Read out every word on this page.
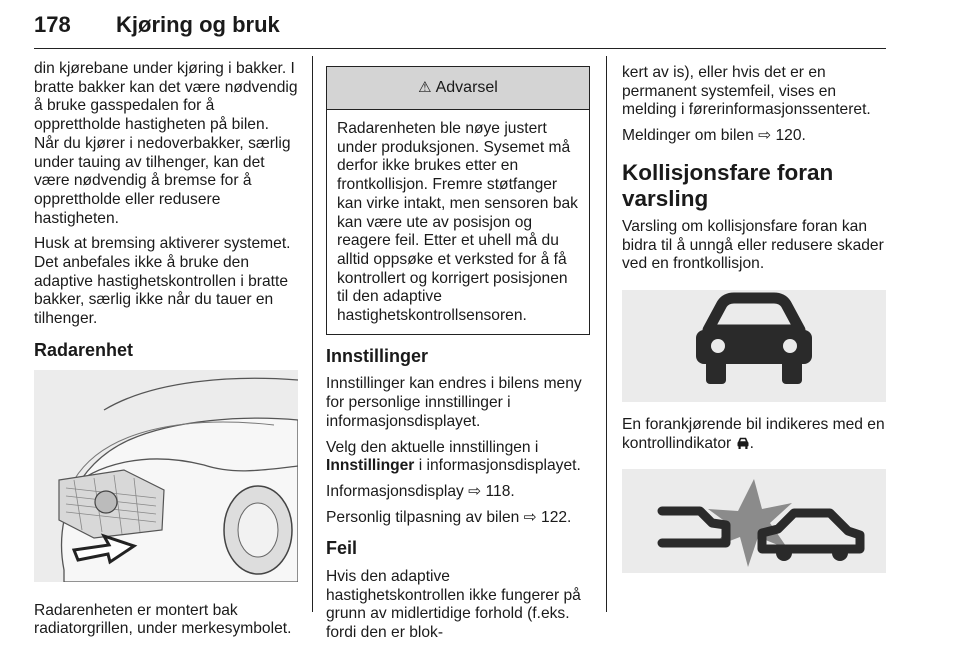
178 Kjøring og bruk

din kjørebane under kjøring i bakker. I bratte bakker kan det være nødvendig å bruke gasspedalen for å opprettholde hastigheten på bilen. Når du kjører i nedoverbakker, særlig under tauing av tilhenger, kan det være nødvendig å bremse for å opprettholde eller redusere hastigheten.

Husk at bremsing aktiverer systemet. Det anbefales ikke å bruke den adaptive hastighetskontrollen i bratte bakker, særlig ikke når du tauer en tilhenger.

Radarenhet

Radarenheten er montert bak radiatorgrillen, under merkesymbolet.

⚠ Advarsel
Radarenheten ble nøye justert under produksjonen. Sysemet må derfor ikke brukes etter en frontkollisjon. Fremre støtfanger kan virke intakt, men sensoren bak kan være ute av posisjon og reagere feil. Etter et uhell må du alltid oppsøke et verksted for å få kontrollert og korrigert posisjonen til den adaptive hastighetskontrollsensoren.
Innstillinger

Innstillinger kan endres i bilens meny for personlige innstillinger i informasjonsdisplayet.

Velg den aktuelle innstillingen i Innstillinger i informasjonsdisplayet.

Informasjonsdisplay ⇨ 118.

Personlig tilpasning av bilen ⇨ 122.

Feil

Hvis den adaptive hastighetskontrollen ikke fungerer på grunn av midlertidige forhold (f.eks. fordi den er blok-

kert av is), eller hvis det er en permanent systemfeil, vises en melding i førerinformasjonssenteret.

Meldinger om bilen ⇨ 120.

Kollisjonsfare foran varsling

Varsling om kollisjonsfare foran kan bidra til å unngå eller redusere skader ved en frontkollisjon.

En forankjørende bil indikeres med en kontrollindikator .
